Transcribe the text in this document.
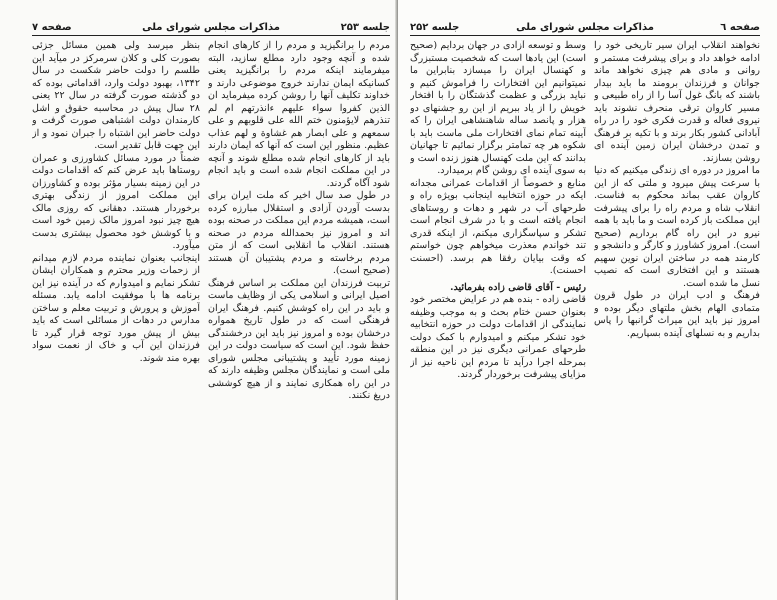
جلسه ۲۵۳
مذاکرات مجلس شورای ملی
صفحه ۷

مردم را برانگیزید و مردم را از کارهای انجام شده و آنچه وجود دارد مطلع سازید، البته میفرمایند اینکه مردم را برانگیزید یعنی کسانیکه ایمان ندارند خروج موضوعی دارند و خداوند تکلیف آنها را روشن کرده میفرماید ان الذین کفروا سواء علیهم ءانذرتهم ام لم تنذرهم لایؤمنون ختم الله علی قلوبهم و علی سمعهم و علی ابصار هم غشاوة و لهم عذاب عظیم. منظور این است که آنها که ایمان دارند باید از کارهای انجام شده مطلع شوند و آنچه در این مملکت انجام شده است و باید انجام شود آگاه گردند.

در طول صد سال اخیر که ملت ایران برای بدست آوردن آزادی و استقلال مبارزه کرده است، همیشه مردم این مملکت در صحنه بوده اند و امروز نیز بحمدالله مردم در صحنه هستند. انقلاب ما انقلابی است که از متن مردم برخاسته و مردم پشتیبان آن هستند (صحیح است).

تربیت فرزندان این مملکت بر اساس فرهنگ اصیل ایرانی و اسلامی یکی از وظایف ماست و باید در این راه کوشش کنیم. فرهنگ ایران فرهنگی است که در طول تاریخ همواره درخشان بوده و امروز نیز باید این درخشندگی حفظ شود. این است که سیاست دولت در این زمینه مورد تأیید و پشتیبانی مجلس شورای ملی است و نمایندگان مجلس وظیفه دارند که در این راه همکاری نمایند و از هیچ کوششی دریغ نکنند.

بنظر میرسد ولی همین مسائل جزئی بصورت کلی و کلان سرمرکز در میآید این طلسم را دولت حاضر شکست در سال ۱۳۴۲، بهبود دولت وارد، اقداماتی بوده که دو گذشته صورت گرفته در سال ۲۲ یعنی ۲۸ سال پیش در محاسبه حقوق و اشل کارمندان دولت اشتباهی صورت گرفت و دولت حاضر این اشتباه را جبران نمود و از این جهت قابل تقدیر است.

ضمناً در مورد مسائل کشاورزی و عمران روستاها باید عرض کنم که اقدامات دولت در این زمینه بسیار مؤثر بوده و کشاورزان این مملکت امروز از زندگی بهتری برخوردار هستند. دهقانی که روزی مالک هیچ چیز نبود امروز مالک زمین خود است و با کوشش خود محصول بیشتری بدست میآورد.

اینجانب بعنوان نماینده مردم لازم میدانم از زحمات وزیر محترم و همکاران ایشان تشکر نمایم و امیدوارم که در آینده نیز این برنامه ها با موفقیت ادامه یابد. مسئله آموزش و پرورش و تربیت معلم و ساختن مدارس در دهات از مسائلی است که باید بیش از پیش مورد توجه قرار گیرد تا فرزندان این آب و خاک از نعمت سواد بهره مند شوند.

صفحه ٦
مذاکرات مجلس شورای ملی
جلسه ۲۵۲

نخواهند انقلاب ایران سیر تاریخی خود را ادامه خواهد داد و برای پیشرفت مستمر و روانی و مادی هم چیزی نخواهد ماند جوانان و فرزندان برومند ما باید بیدار باشند که بانگ غول آسا را از راه طبیعی و مسیر کاروان ترقی منحرف نشوند باید نیروی فعاله و قدرت فکری خود را در راه آبادانی کشور بکار برند و با تکیه بر فرهنگ و تمدن درخشان ایران زمین آینده ای روشن بسازند.

ما امروز در دوره ای زندگی میکنیم که دنیا با سرعت پیش میرود و ملتی که از این کاروان عقب بماند محکوم به فناست. انقلاب شاه و مردم راه را برای پیشرفت این مملکت باز کرده است و ما باید با همه نیرو در این راه گام برداریم (صحیح است). امروز کشاورز و کارگر و دانشجو و کارمند همه در ساختن ایران نوین سهیم هستند و این افتخاری است که نصیب نسل ما شده است.

فرهنگ و ادب ایران در طول قرون متمادی الهام بخش ملتهای دیگر بوده و امروز نیز باید این میراث گرانبها را پاس بداریم و به نسلهای آینده بسپاریم.

وسط و توسعه آزادی در جهان بردایم (صحیح است) این یادها است که شخصیت مستبزرگ و کهنسال ایران را میسازد بنابراین ما نمیتوانیم این افتخارات را فراموش کنیم و نباید بزرگی و عظمت گذشتگان را با افتخار خویش را از یاد ببریم از این رو جشنهای دو هزار و پانصد ساله شاهنشاهی ایران را که آیینه تمام نمای افتخارات ملی ماست باید با شکوه هر چه تمامتر برگزار نمائیم تا جهانیان بدانند که این ملت کهنسال هنوز زنده است و به سوی آینده ای روشن گام برمیدارد.

منابع و خصوصاً از اقدامات عمرانی مجدانه ایکه در حوزه انتخابیه اینجانب بویژه راه و طرحهای آب در شهر و دهات و روستاهای انجام یافته است و با در شرف انجام است تشکر و سپاسگزاری میکنم، از اینکه قدری تند خواندم معذرت میخواهم چون خواستم که وقت بیایان رفقا هم برسد. (احسنت احسنت).

رئیس - آقای قاضی زاده بفرمائید.

قاضی زاده - بنده هم در عرایض مختصر خود بعنوان حسن ختام بحث و به موجب وظیفه نمایندگی از اقدامات دولت در حوزه انتخابیه خود تشکر میکنم و امیدوارم با کمک دولت طرحهای عمرانی دیگری نیز در این منطقه بمرحله اجرا درآید تا مردم این ناحیه نیز از مزایای پیشرفت برخوردار گردند.
